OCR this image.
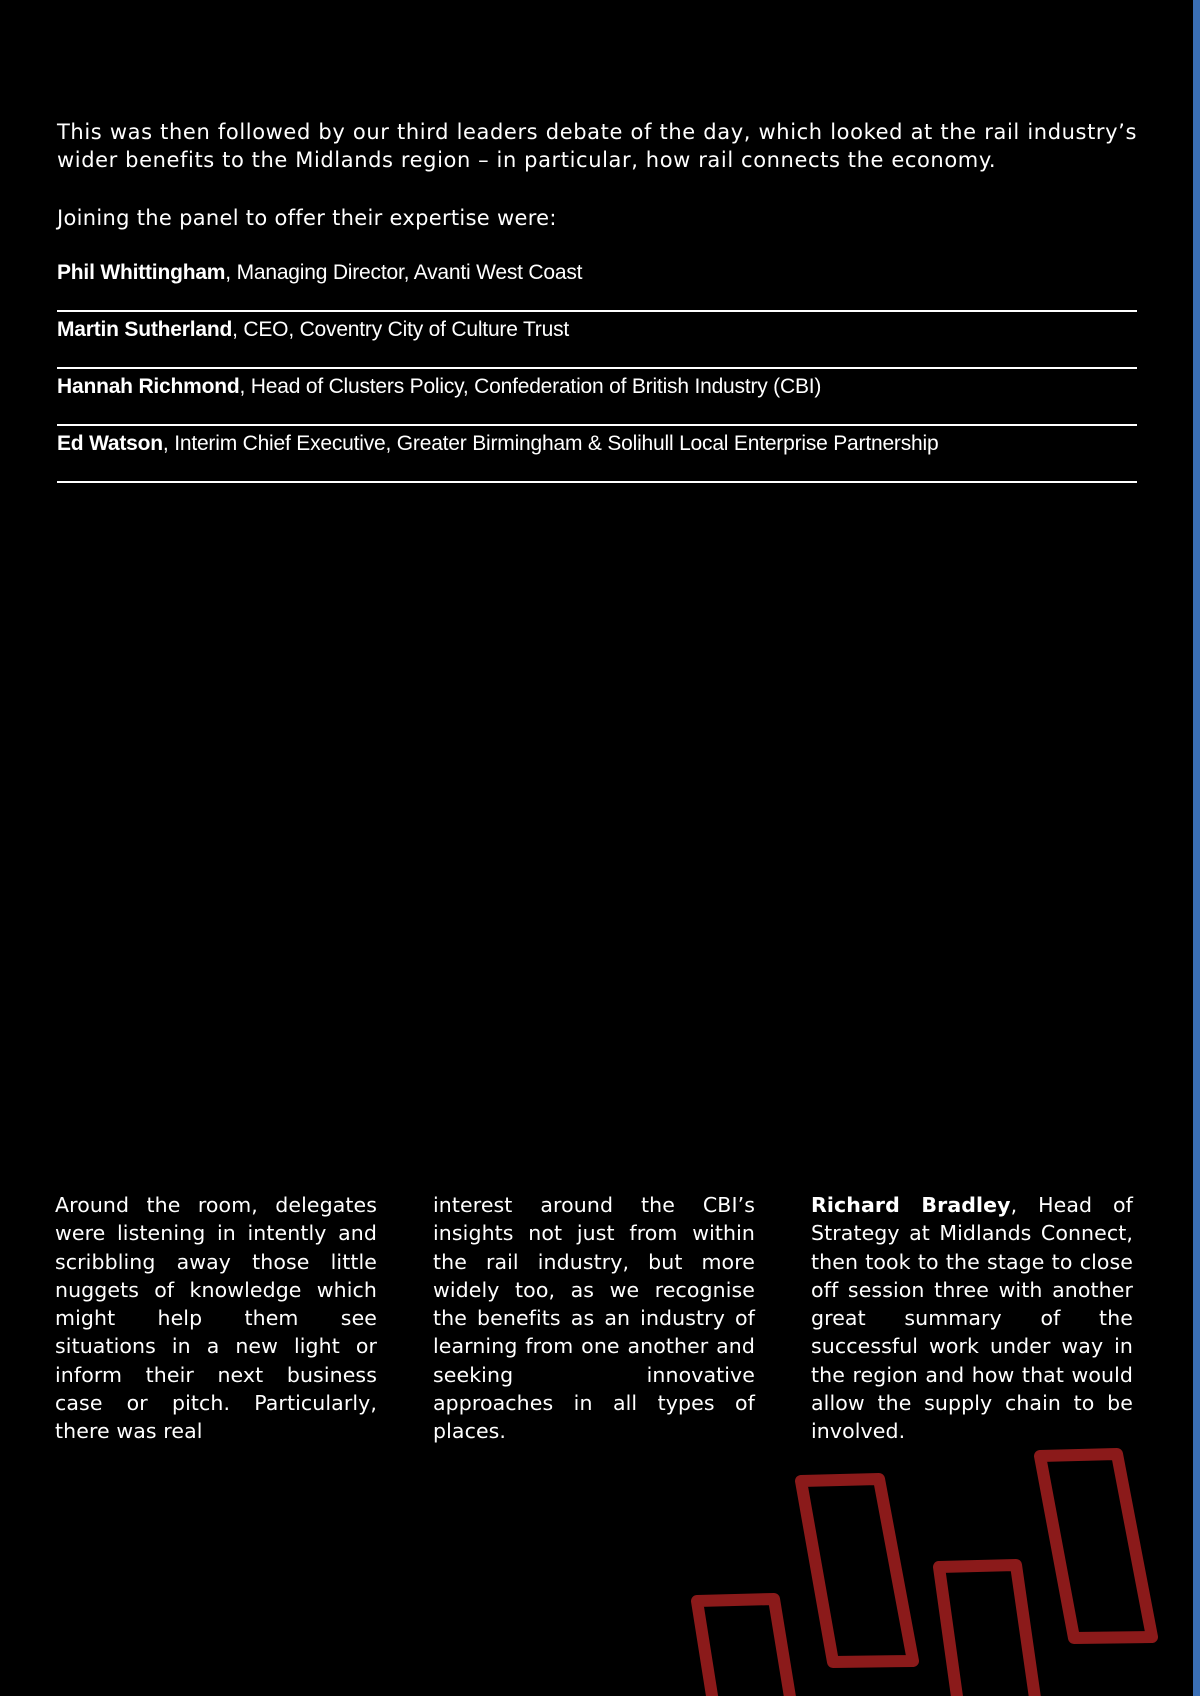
This was then followed by our third leaders debate of the day, which looked at the rail industry’s wider benefits to the Midlands region – in particular, how rail connects the economy.

Joining the panel to offer their expertise were:

Phil Whittingham , Managing Director, Avanti West Coast
Martin Sutherland , CEO, Coventry City of Culture Trust
Hannah Richmond , Head of Clusters Policy, Confederation of British Industry (CBI)
Ed Watson , Interim Chief Executive, Greater Birmingham & Solihull Local Enterprise Partnership

Around the room, delegates were listening in intently and scribbling away those little nuggets of knowledge which might help them see situations in a new light or inform their next business case or pitch. Particularly, there was real

interest around the CBI’s insights not just from within the rail industry, but more widely too, as we recognise the benefits as an industry of learning from one another and seeking innovative approaches in all types of places.

Richard Bradley, Head of Strategy at Midlands Connect, then took to the stage to close off session three with another great summary of the successful work under way in the region and how that would allow the supply chain to be involved.
